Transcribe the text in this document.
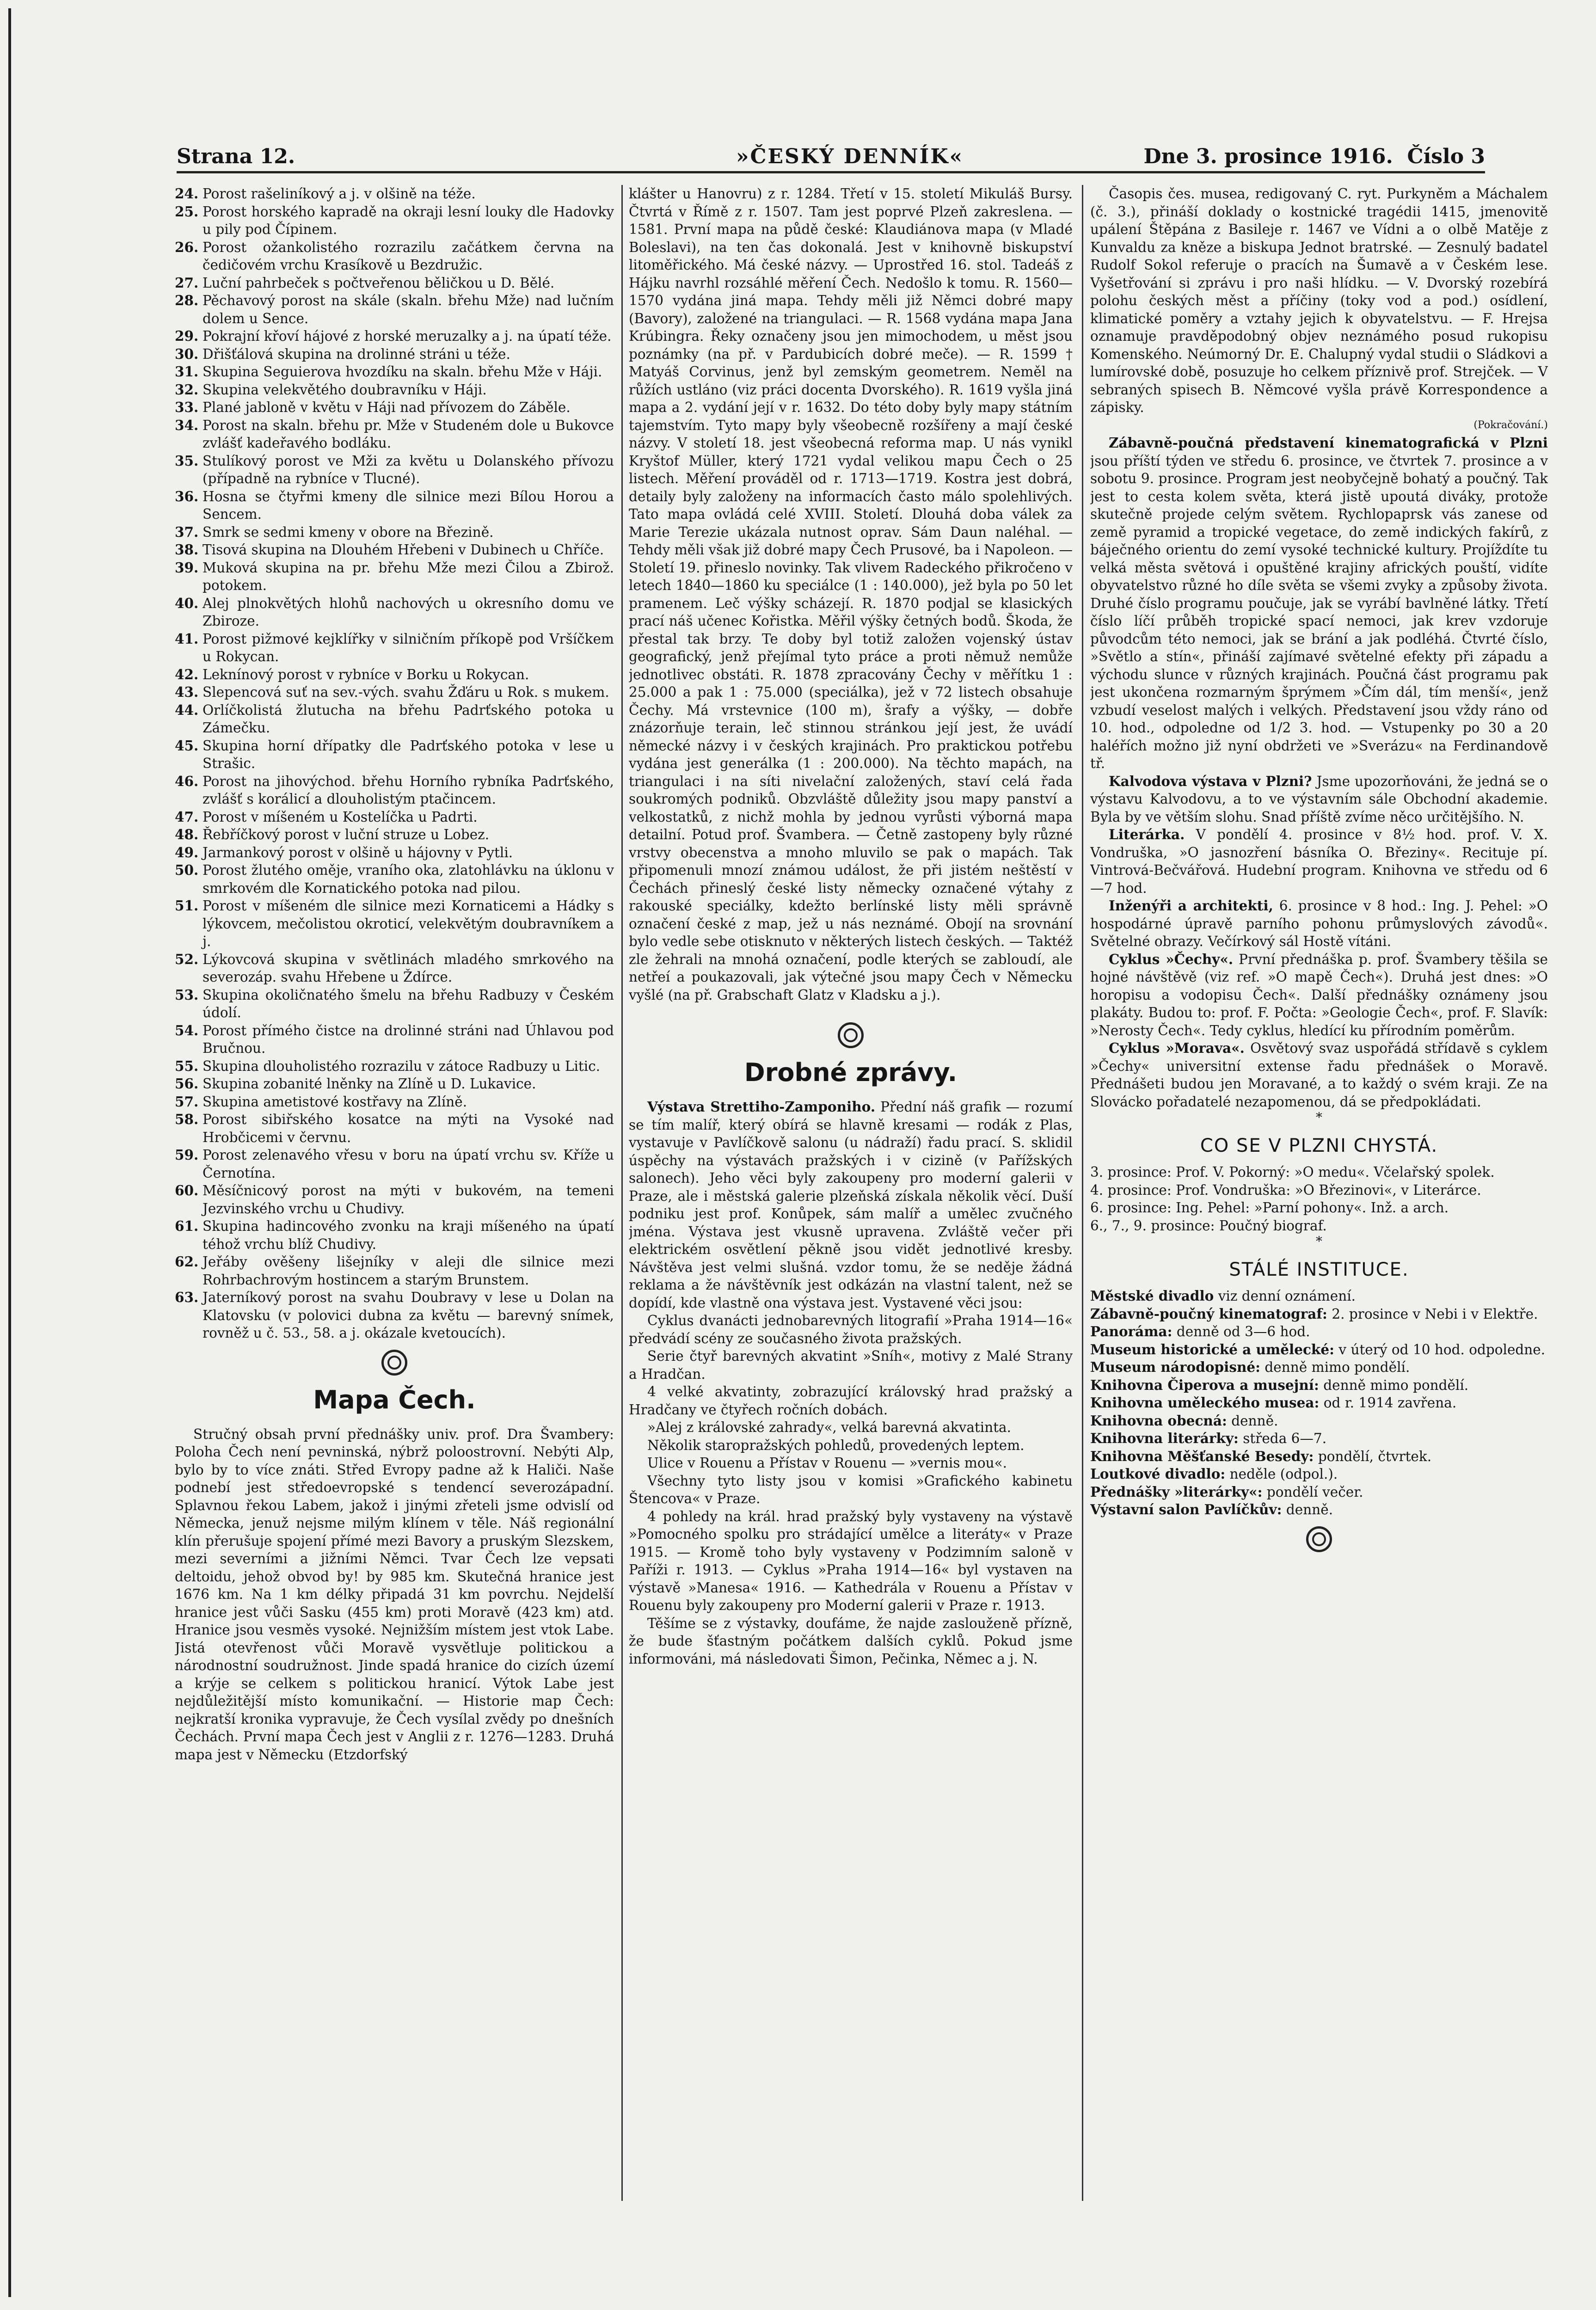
Strana 12.	»ČESKÝ DENNÍK«	Dne 3. prosince 1916. Číslo 3
24. Porost rašeliníkový a j. v olšině na téže.
25. Porost horského kapradě na okraji lesní louky dle Hadovky u pily pod Čípinem.
26. Porost ožankolistého rozrazilu začátkem června na čedičovém vrchu Krasíkově u Bezdružic.
27. Luční pahrbeček s počtveřenou běličkou u D. Bělé.
28. Pěchavový porost na skále (skaln. břehu Mže) nad lučním dolem u Sence.
29. Pokrajní křoví hájové z horské meruzalky a j. na úpatí téže.
30. Dřišťálová skupina na drolinné stráni u téže.
31. Skupina Seguierova hvozdíku na skaln. břehu Mže v Háji.
32. Skupina velekvětého doubravníku v Háji.
33. Plané jabloně v květu v Háji nad přívozem do Záběle.
34. Porost na skaln. břehu pr. Mže v Studeném dole u Bukovce zvlášť kadeřavého bodláku.
35. Stulíkový porost ve Mži za květu u Dolanského přívozu (případně na rybníce v Tlucné).
36. Hosna se čtyřmi kmeny dle silnice mezi Bílou Horou a Sencem.
37. Smrk se sedmi kmeny v obore na Březině.
38. Tisová skupina na Dlouhém Hřebeni v Dubinech u Chříče.
39. Muková skupina na pr. břehu Mže mezi Čilou a Zbirož. potokem.
40. Alej plnokvětých hlohů nachových u okresního domu ve Zbiroze.
41. Porost pižmové kejklířky v silničním příkopě pod Vršíčkem u Rokycan.
42. Leknínový porost v rybníce v Borku u Rokycan.
43. Slepencová suť na sev.-vých. svahu Žďáru u Rok. s mukem.
44. Orlíčkolistá žlutucha na břehu Padrťského potoka u Zámečku.
45. Skupina horní dřípatky dle Padrťského potoka v lese u Strašic.
46. Porost na jihovýchod. břehu Horního rybníka Padrťského, zvlášť s korálicí a dlouholistým ptačincem.
47. Porost v míšeném u Kostelíčka u Padrti.
48. Řebříčkový porost v luční struze u Lobez.
49. Jarmankový porost v olšině u hájovny v Pytli.
50. Porost žlutého oměje, vraního oka, zlatohlávku na úklonu v smrkovém dle Kornatického potoka nad pilou.
51. Porost v míšeném dle silnice mezi Kornaticemi a Hádky s lýkovcem, mečolistou okroticí, velekvětým doubravníkem a j.
52. Lýkovcová skupina v světlinách mladého smrkového na severozáp. svahu Hřebene u Ždírce.
53. Skupina okoličnatého šmelu na břehu Radbuzy v Českém údolí.
54. Porost přímého čistce na drolinné stráni nad Úhlavou pod Bručnou.
55. Skupina dlouholistého rozrazilu v zátoce Radbuzy u Litic.
56. Skupina zobanité lněnky na Zlíně u D. Lukavice.
57. Skupina ametistové kostřavy na Zlíně.
58. Porost sibiřského kosatce na mýti na Vysoké nad Hrobčicemi v červnu.
59. Porost zelenavého vřesu v boru na úpatí vrchu sv. Kříže u Černotína.
60. Měsíčnicový porost na mýti v bukovém, na temeni Jezvinského vrchu u Chudivy.
61. Skupina hadincového zvonku na kraji míšeného na úpatí téhož vrchu blíž Chudivy.
62. Jeřáby ověšeny lišejníky v aleji dle silnice mezi Rohrbachrovým hostincem a starým Brunstem.
63. Jaterníkový porost na svahu Doubravy v lese u Dolan na Klatovsku (v polovici dubna za květu — barevný snímek, rovněž u č. 53., 58. a j. okázale kvetoucích).
Mapa Čech.

Stručný obsah první přednášky univ. prof. Dra Švambery: Poloha Čech není pevninská, nýbrž poloostrovní. Nebýti Alp, bylo by to více znáti. Střed Evropy padne až k Haliči. Naše podnebí jest středoevropské s tendencí severozápadní. Splavnou řekou Labem, jakož i jinými zřeteli jsme odvislí od Německa, jenuž nejsme milým klínem v těle. Náš regionální klín přerušuje spojení přímé mezi Bavory a pruským Slezskem, mezi severními a jižními Němci. Tvar Čech lze vepsati deltoidu, jehož obvod by! by 985 km. Skutečná hranice jest 1676 km. Na 1 km délky připadá 31 km povrchu. Nejdelší hranice jest vůči Sasku (455 km) proti Moravě (423 km) atd. Hranice jsou vesměs vysoké. Nejnižším místem jest vtok Labe. Jistá otevřenost vůči Moravě vysvětluje politickou a národnostní soudružnost. Jinde spadá hranice do cizích území a krýje se celkem s politickou hranicí. Výtok Labe jest nejdůležitější místo komunikační. — Historie map Čech: nejkratší kronika vypravuje, že Čech vysílal zvědy po dnešních Čechách. První mapa Čech jest v Anglii z r. 1276—1283. Druhá mapa jest v Německu (Etzdorfský

klášter u Hanovru) z r. 1284. Třetí v 15. století Mikuláš Bursy. Čtvrtá v Římě z r. 1507. Tam jest poprvé Plzeň zakreslena. — 1581. První mapa na půdě české: Klaudiánova mapa (v Mladé Boleslavi), na ten čas dokonalá. Jest v knihovně biskupství litoměřického. Má české názvy. — Uprostřed 16. stol. Tadeáš z Hájku navrhl rozsáhlé měření Čech. Nedošlo k tomu. R. 1560—1570 vydána jiná mapa. Tehdy měli již Němci dobré mapy (Bavory), založené na triangulaci. — R. 1568 vydána mapa Jana Krúbingra. Řeky označeny jsou jen mimochodem, u měst jsou poznámky (na př. v Pardubicích dobré meče). — R. 1599 † Matyáš Corvinus, jenž byl zemským geometrem. Neměl na růžích ustláno (viz práci docenta Dvorského). R. 1619 vyšla jiná mapa a 2. vydání její v r. 1632. Do této doby byly mapy státním tajemstvím. Tyto mapy byly všeobecně rozšířeny a mají české názvy. V století 18. jest všeobecná reforma map. U nás vynikl Kryštof Müller, který 1721 vydal velikou mapu Čech o 25 listech. Měření prováděl od r. 1713—1719. Kostra jest dobrá, detaily byly založeny na informacích často málo spolehlivých. Tato mapa ovládá celé XVIII. Století. Dlouhá doba válek za Marie Terezie ukázala nutnost oprav. Sám Daun naléhal. — Tehdy měli však již dobré mapy Čech Prusové, ba i Napoleon. — Století 19. přineslo novinky. Tak vlivem Radeckého přikročeno v letech 1840—1860 ku speciálce (1 : 140.000), jež byla po 50 let pramenem. Leč výšky scházejí. R. 1870 podjal se klasických prací náš učenec Kořistka. Měřil výšky četných bodů. Škoda, že přestal tak brzy. Te doby byl totiž založen vojenský ústav geografický, jenž přejímal tyto práce a proti němuž nemůže jednotlivec obstáti. R. 1878 zpracovány Čechy v měřítku 1 : 25.000 a pak 1 : 75.000 (speciálka), jež v 72 listech obsahuje Čechy. Má vrstevnice (100 m), šrafy a výšky, — dobře znázorňuje terain, leč stinnou stránkou její jest, že uvádí německé názvy i v českých krajinách. Pro praktickou potřebu vydána jest generálka (1 : 200.000). Na těchto mapách, na triangulaci i na síti nivelační založených, staví celá řada soukromých podniků. Obzvláště důležity jsou mapy panství a velkostatků, z nichž mohla by jednou vyrůsti výborná mapa detailní. Potud prof. Švambera. — Četně zastopeny byly různé vrstvy obecenstva a mnoho mluvilo se pak o mapách. Tak připomenuli mnozí známou událost, že při jistém neštěstí v Čechách přineslý české listy německy označené výtahy z rakouské speciálky, kdežto berlínské listy měli správně označení české z map, jež u nás neznámé. Obojí na srovnání bylo vedle sebe otisknuto v některých listech českých. — Taktéž zle žehrali na mnohá označení, podle kterých se zabloudí, ale netřeí a poukazovali, jak výtečné jsou mapy Čech v Německu vyšlé (na př. Grabschaft Glatz v Kladsku a j.).

Drobné zprávy.

Výstava Strettiho-Zamponiho. Přední náš grafik — rozumí se tím malíř, který obírá se hlavně kresami — rodák z Plas, vystavuje v Pavlíčkově salonu (u nádraží) řadu prací. S. sklidil úspěchy na výstavách pražských i v cizině (v Pařížských salonech). Jeho věci byly zakoupeny pro moderní galerii v Praze, ale i městská galerie plzeňská získala několik věcí. Duší podniku jest prof. Konůpek, sám malíř a umělec zvučného jména. Výstava jest vkusně upravena. Zvláště večer při elektrickém osvětlení pěkně jsou vidět jednotlivé kresby. Návštěva jest velmi slušná. vzdor tomu, že se neděje žádná reklama a že návštěvník jest odkázán na vlastní talent, než se dopídí, kde vlastně ona výstava jest. Vystavené věci jsou:

Cyklus dvanácti jednobarevných litografií »Praha 1914—16« předvádí scény ze současného života pražských.

Serie čtyř barevných akvatint »Sníh«, motivy z Malé Strany a Hradčan.

4 velké akvatinty, zobrazující královský hrad pražský a Hradčany ve čtyřech ročních dobách.

»Alej z královské zahrady«, velká barevná akvatinta.

Několik staropražských pohledů, provedených leptem.

Ulice v Rouenu a Přístav v Rouenu — »vernis mou«.

Všechny tyto listy jsou v komisi »Grafického kabinetu Štencova« v Praze.

4 pohledy na král. hrad pražský byly vystaveny na výstavě »Pomocného spolku pro strádající umělce a literáty« v Praze 1915. — Kromě toho byly vystaveny v Podzimním saloně v Paříži r. 1913. — Cyklus »Praha 1914—16« byl vystaven na výstavě »Manesa« 1916. — Kathedrála v Rouenu a Přístav v Rouenu byly zakoupeny pro Moderní galerii v Praze r. 1913.

Těšíme se z výstavky, doufáme, že najde zaslouženě přízně, že bude šťastným počátkem dalších cyklů. Pokud jsme informováni, má následovati Šimon, Pečinka, Němec a j. N.

Časopis čes. musea, redigovaný C. ryt. Purkyněm a Máchalem (č. 3.), přináší doklady o kostnické tragédii 1415, jmenovitě upálení Štěpána z Basileje r. 1467 ve Vídni a o olbě Matěje z Kunvaldu za kněze a biskupa Jednot bratrské. — Zesnulý badatel Rudolf Sokol referuje o pracích na Šumavě a v Českém lese. Vyšetřování si zprávu i pro naši hlídku. — V. Dvorský rozebírá polohu českých měst a příčiny (toky vod a pod.) osídlení, klimatické poměry a vztahy jejich k obyvatelstvu. — F. Hrejsa oznamuje pravděpodobný objev neznámého posud rukopisu Komenského. Neúmorný Dr. E. Chalupný vydal studii o Sládkovi a lumírovské době, posuzuje ho celkem příznivě prof. Strejček. — V sebraných spisech B. Němcové vyšla právě Korrespondence a zápisky.

(Pokračování.)

Zábavně-poučná představení kinematografická v Plzni jsou příští týden ve středu 6. prosince, ve čtvrtek 7. prosince a v sobotu 9. prosince. Program jest neobyčejně bohatý a poučný. Tak jest to cesta kolem světa, která jistě upoutá diváky, protože skutečně projede celým světem. Rychlopaprsk vás zanese od země pyramid a tropické vegetace, do země indických fakírů, z báječného orientu do zemí vysoké technické kultury. Projíždíte tu velká města světová i opuštěné krajiny afrických pouští, vidíte obyvatelstvo různé ho díle světa se všemi zvyky a způsoby života. Druhé číslo programu poučuje, jak se vyrábí bavlněné látky. Třetí číslo líčí průběh tropické spací nemoci, jak krev vzdoruje původcům této nemoci, jak se brání a jak podléhá. Čtvrté číslo, »Světlo a stín«, přináší zajímavé světelné efekty při západu a východu slunce v různých krajinách. Poučná část programu pak jest ukončena rozmarným šprýmem »Čím dál, tím menší«, jenž vzbudí veselost malých i velkých. Představení jsou vždy ráno od 10. hod., odpoledne od 1/2 3. hod. — Vstupenky po 30 a 20 haléřích možno již nyní obdržeti ve »Sverázu« na Ferdinandově tř.

Kalvodova výstava v Plzni? Jsme upozorňováni, že jedná se o výstavu Kalvodovu, a to ve výstavním sále Obchodní akademie. Byla by ve větším slohu. Snad příště zvíme něco určitějšího. N.

Literárka. V pondělí 4. prosince v 8½ hod. prof. V. X. Vondruška, »O jasnozření básníka O. Březiny«. Recituje pí. Vintrová-Bečvářová. Hudební program. Knihovna ve středu od 6—7 hod.

Inženýři a architekti, 6. prosince v 8 hod.: Ing. J. Pehel: »O hospodárné úpravě parního pohonu průmyslových závodů«. Světelné obrazy. Večírkový sál Hostě vítáni.

Cyklus »Čechy«. První přednáška p. prof. Švambery těšila se hojné návštěvě (viz ref. »O mapě Čech«). Druhá jest dnes: »O horopisu a vodopisu Čech«. Další přednášky oznámeny jsou plakáty. Budou to: prof. F. Počta: »Geologie Čech«, prof. F. Slavík: »Nerosty Čech«. Tedy cyklus, hledící ku přírodním poměrům.

Cyklus »Morava«. Osvětový svaz uspořádá střídavě s cyklem »Čechy« universitní extense řadu přednášek o Moravě. Přednášeti budou jen Moravané, a to každý o svém kraji. Ze na Slovácko pořadatelé nezapomenou, dá se předpokládati.

*
CO SE V PLZNI CHYSTÁ.

3. prosince: Prof. V. Pokorný: »O medu«. Včelařský spolek.

4. prosince: Prof. Vondruška: »O Březinovi«, v Literárce.

6. prosince: Ing. Pehel: »Parní pohony«. Inž. a arch.

6., 7., 9. prosince: Poučný biograf.

*
STÁLÉ INSTITUCE.

Městské divadlo viz denní oznámení.

Zábavně-poučný kinematograf: 2. prosince v Nebi i v Elektře.

Panoráma: denně od 3—6 hod.

Museum historické a umělecké: v úterý od 10 hod. odpoledne.

Museum národopisné: denně mimo pondělí.

Knihovna Čiperova a musejní: denně mimo pondělí.

Knihovna uměleckého musea: od r. 1914 zavřena.

Knihovna obecná: denně.

Knihovna literárky: středa 6—7.

Knihovna Měšťanské Besedy: pondělí, čtvrtek.

Loutkové divadlo: neděle (odpol.).

Přednášky »literárky«: pondělí večer.

Výstavní salon Pavlíčkův: denně.
